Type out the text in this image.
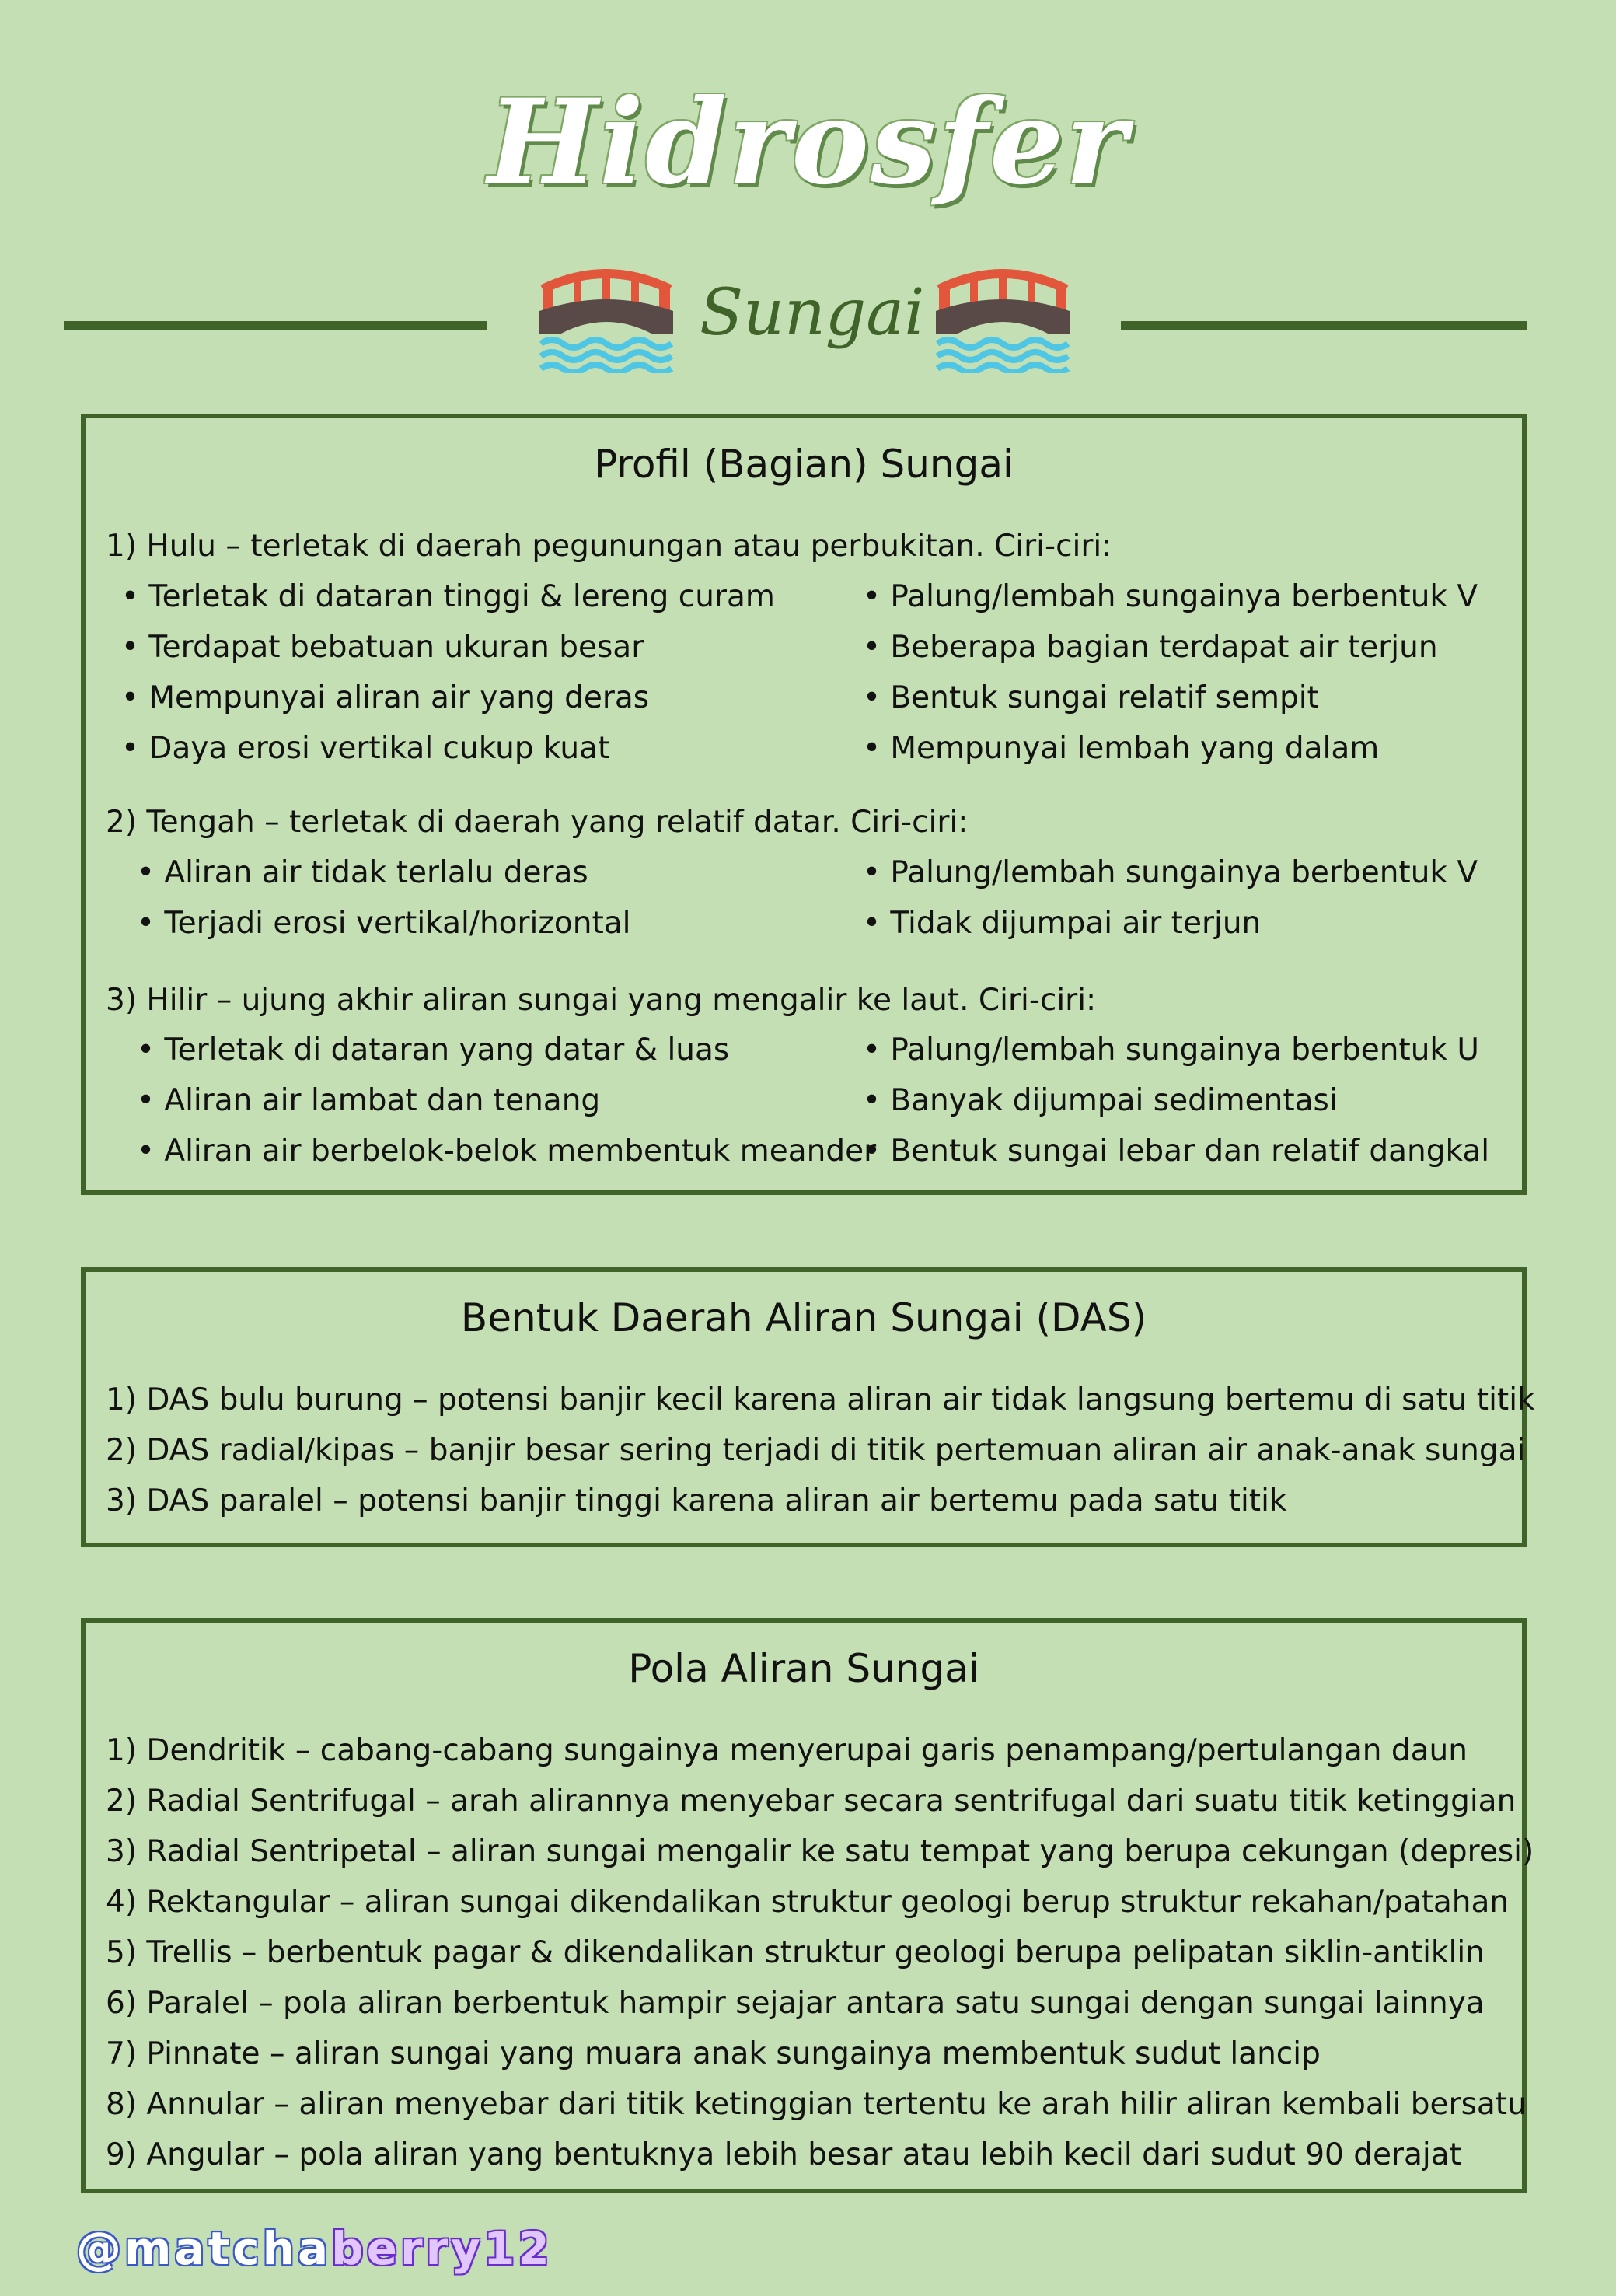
Hidrosfer
Sungai
Profil (Bagian) Sungai
1) Hulu – terletak di daerah pegunungan atau perbukitan. Ciri-ciri:
• Terletak di dataran tinggi & lereng curam
• Terdapat bebatuan ukuran besar
• Mempunyai aliran air yang deras
• Daya erosi vertikal cukup kuat
• Palung/lembah sungainya berbentuk V
• Beberapa bagian terdapat air terjun
• Bentuk sungai relatif sempit
• Mempunyai lembah yang dalam
2) Tengah – terletak di daerah yang relatif datar. Ciri-ciri:
• Aliran air tidak terlalu deras
• Terjadi erosi vertikal/horizontal
• Palung/lembah sungainya berbentuk V
• Tidak dijumpai air terjun
3) Hilir – ujung akhir aliran sungai yang mengalir ke laut. Ciri-ciri:
• Terletak di dataran yang datar & luas
• Aliran air lambat dan tenang
• Aliran air berbelok-belok membentuk meander
• Palung/lembah sungainya berbentuk U
• Banyak dijumpai sedimentasi
• Bentuk sungai lebar dan relatif dangkal
Bentuk Daerah Aliran Sungai (DAS)
1) DAS bulu burung – potensi banjir kecil karena aliran air tidak langsung bertemu di satu titik
2) DAS radial/kipas – banjir besar sering terjadi di titik pertemuan aliran air anak-anak sungai
3) DAS paralel – potensi banjir tinggi karena aliran air bertemu pada satu titik
Pola Aliran Sungai
1) Dendritik – cabang-cabang sungainya menyerupai garis penampang/pertulangan daun
2) Radial Sentrifugal – arah alirannya menyebar secara sentrifugal dari suatu titik ketinggian
3) Radial Sentripetal – aliran sungai mengalir ke satu tempat yang berupa cekungan (depresi)
4) Rektangular – aliran sungai dikendalikan struktur geologi berup struktur rekahan/patahan
5) Trellis – berbentuk pagar & dikendalikan struktur geologi berupa pelipatan siklin-antiklin
6) Paralel – pola aliran berbentuk hampir sejajar antara satu sungai dengan sungai lainnya
7) Pinnate – aliran sungai yang muara anak sungainya membentuk sudut lancip
8) Annular – aliran menyebar dari titik ketinggian tertentu ke arah hilir aliran kembali bersatu
9) Angular – pola aliran yang bentuknya lebih besar atau lebih kecil dari sudut 90 derajat
@matchaberry12
